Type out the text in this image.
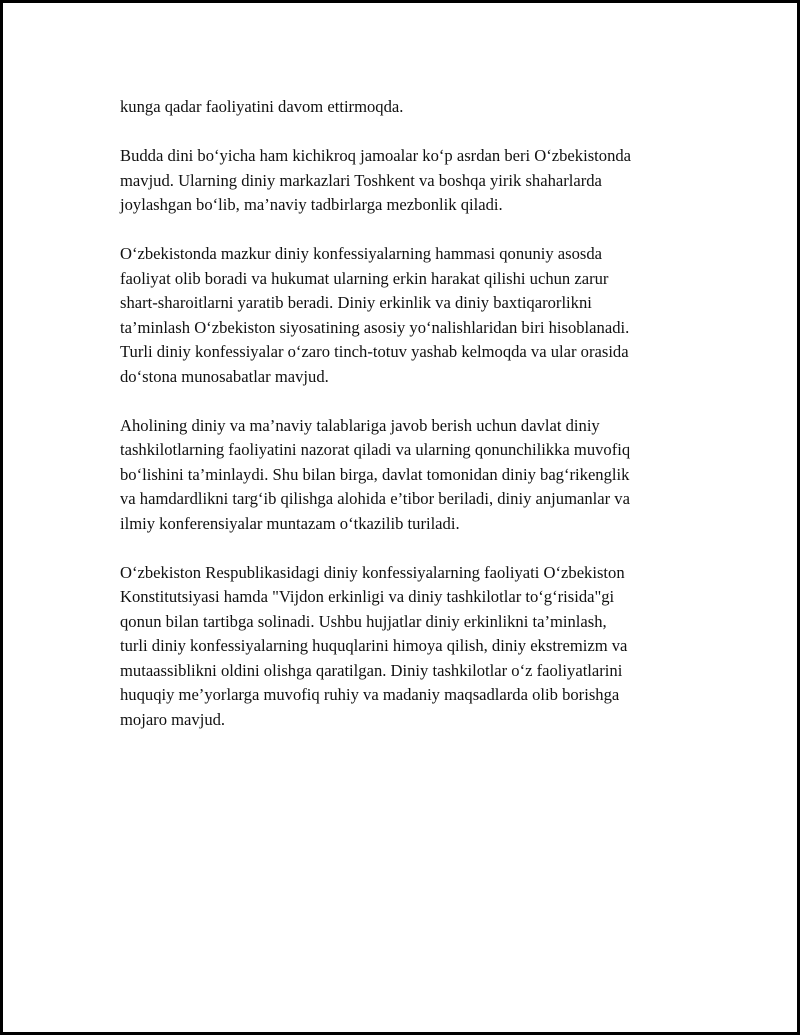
kunga qadar faoliyatini davom ettirmoqda.

Budda dini bo‘yicha ham kichikroq jamoalar ko‘p asrdan beri O‘zbekistonda
mavjud. Ularning diniy markazlari Toshkent va boshqa yirik shaharlarda
joylashgan bo‘lib, ma’naviy tadbirlarga mezbonlik qiladi.

O‘zbekistonda mazkur diniy konfessiyalarning hammasi qonuniy asosda
faoliyat olib boradi va hukumat ularning erkin harakat qilishi uchun zarur
shart-sharoitlarni yaratib beradi. Diniy erkinlik va diniy baxtiqarorlikni
ta’minlash O‘zbekiston siyosatining asosiy yo‘nalishlaridan biri hisoblanadi.
Turli diniy konfessiyalar o‘zaro tinch-totuv yashab kelmoqda va ular orasida
do‘stona munosabatlar mavjud.

Aholining diniy va ma’naviy talablariga javob berish uchun davlat diniy
tashkilotlarning faoliyatini nazorat qiladi va ularning qonunchilikka muvofiq
bo‘lishini ta’minlaydi. Shu bilan birga, davlat tomonidan diniy bag‘rikenglik
va hamdardlikni targ‘ib qilishga alohida e’tibor beriladi, diniy anjumanlar va
ilmiy konferensiyalar muntazam o‘tkazilib turiladi.

O‘zbekiston Respublikasidagi diniy konfessiyalarning faoliyati O‘zbekiston
Konstitutsiyasi hamda "Vijdon erkinligi va diniy tashkilotlar to‘g‘risida"gi
qonun bilan tartibga solinadi. Ushbu hujjatlar diniy erkinlikni ta’minlash,
turli diniy konfessiyalarning huquqlarini himoya qilish, diniy ekstremizm va
mutaassiblikni oldini olishga qaratilgan. Diniy tashkilotlar o‘z faoliyatlarini
huquqiy me’yorlarga muvofiq ruhiy va madaniy maqsadlarda olib borishga
mojaro mavjud.
